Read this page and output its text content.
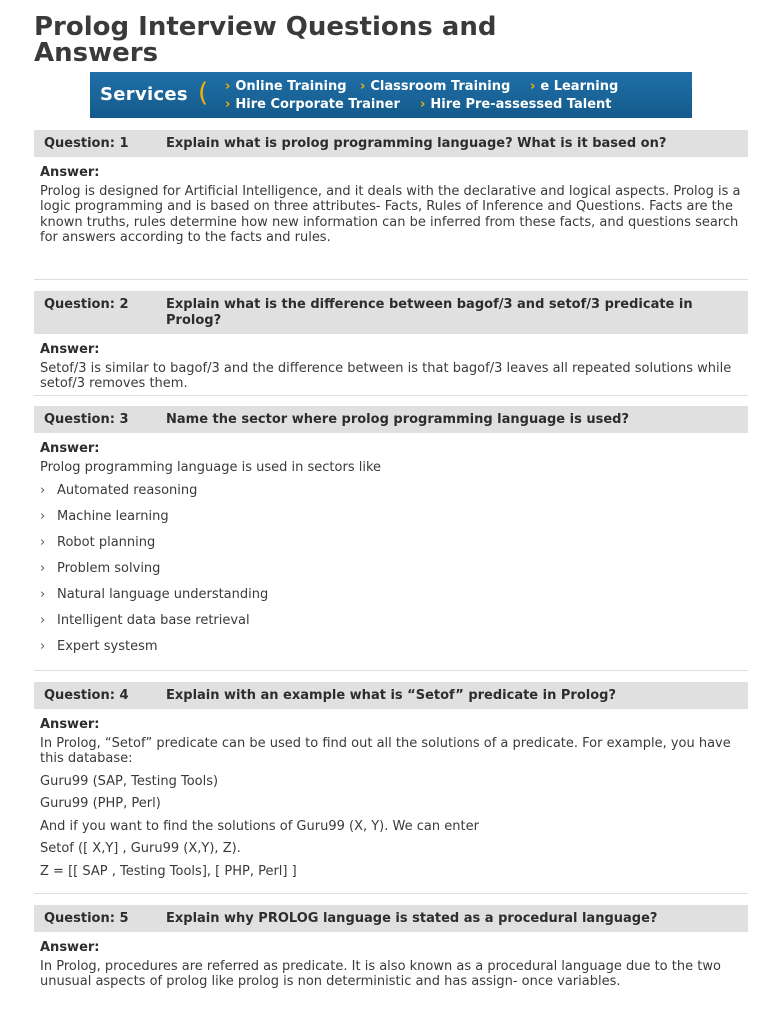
Prolog Interview Questions and
Answers
Services ( › Online Training › Classroom Training › e Learning
› Hire Corporate Trainer › Hire Pre-assessed Talent
Question: 1	Explain what is prolog programming language? What is it based on?
Answer:

Prolog is designed for Artificial Intelligence, and it deals with the declarative and logical aspects. Prolog is a logic programming and is based on three attributes- Facts, Rules of Inference and Questions. Facts are the known truths, rules determine how new information can be inferred from these facts, and questions search for answers according to the facts and rules.

Question: 2	Explain what is the difference between bagof/3 and setof/3 predicate in Prolog?
Answer:

Setof/3 is similar to bagof/3 and the difference between is that bagof/3 leaves all repeated solutions while setof/3 removes them.

Question: 3	Name the sector where prolog programming language is used?
Answer:

Prolog programming language is used in sectors like

› Automated reasoning
› Machine learning
› Robot planning
› Problem solving
› Natural language understanding
› Intelligent data base retrieval
› Expert systesm
Question: 4	Explain with an example what is “Setof” predicate in Prolog?
Answer:

In Prolog, “Setof” predicate can be used to find out all the solutions of a predicate. For example, you have this database:

Guru99 (SAP, Testing Tools)

Guru99 (PHP, Perl)

And if you want to find the solutions of Guru99 (X, Y). We can enter

Setof ([ X,Y] , Guru99 (X,Y), Z).

Z = [[ SAP , Testing Tools], [ PHP, Perl] ]

Question: 5	Explain why PROLOG language is stated as a procedural language?
Answer:

In Prolog, procedures are referred as predicate. It is also known as a procedural language due to the two unusual aspects of prolog like prolog is non deterministic and has assign- once variables.
